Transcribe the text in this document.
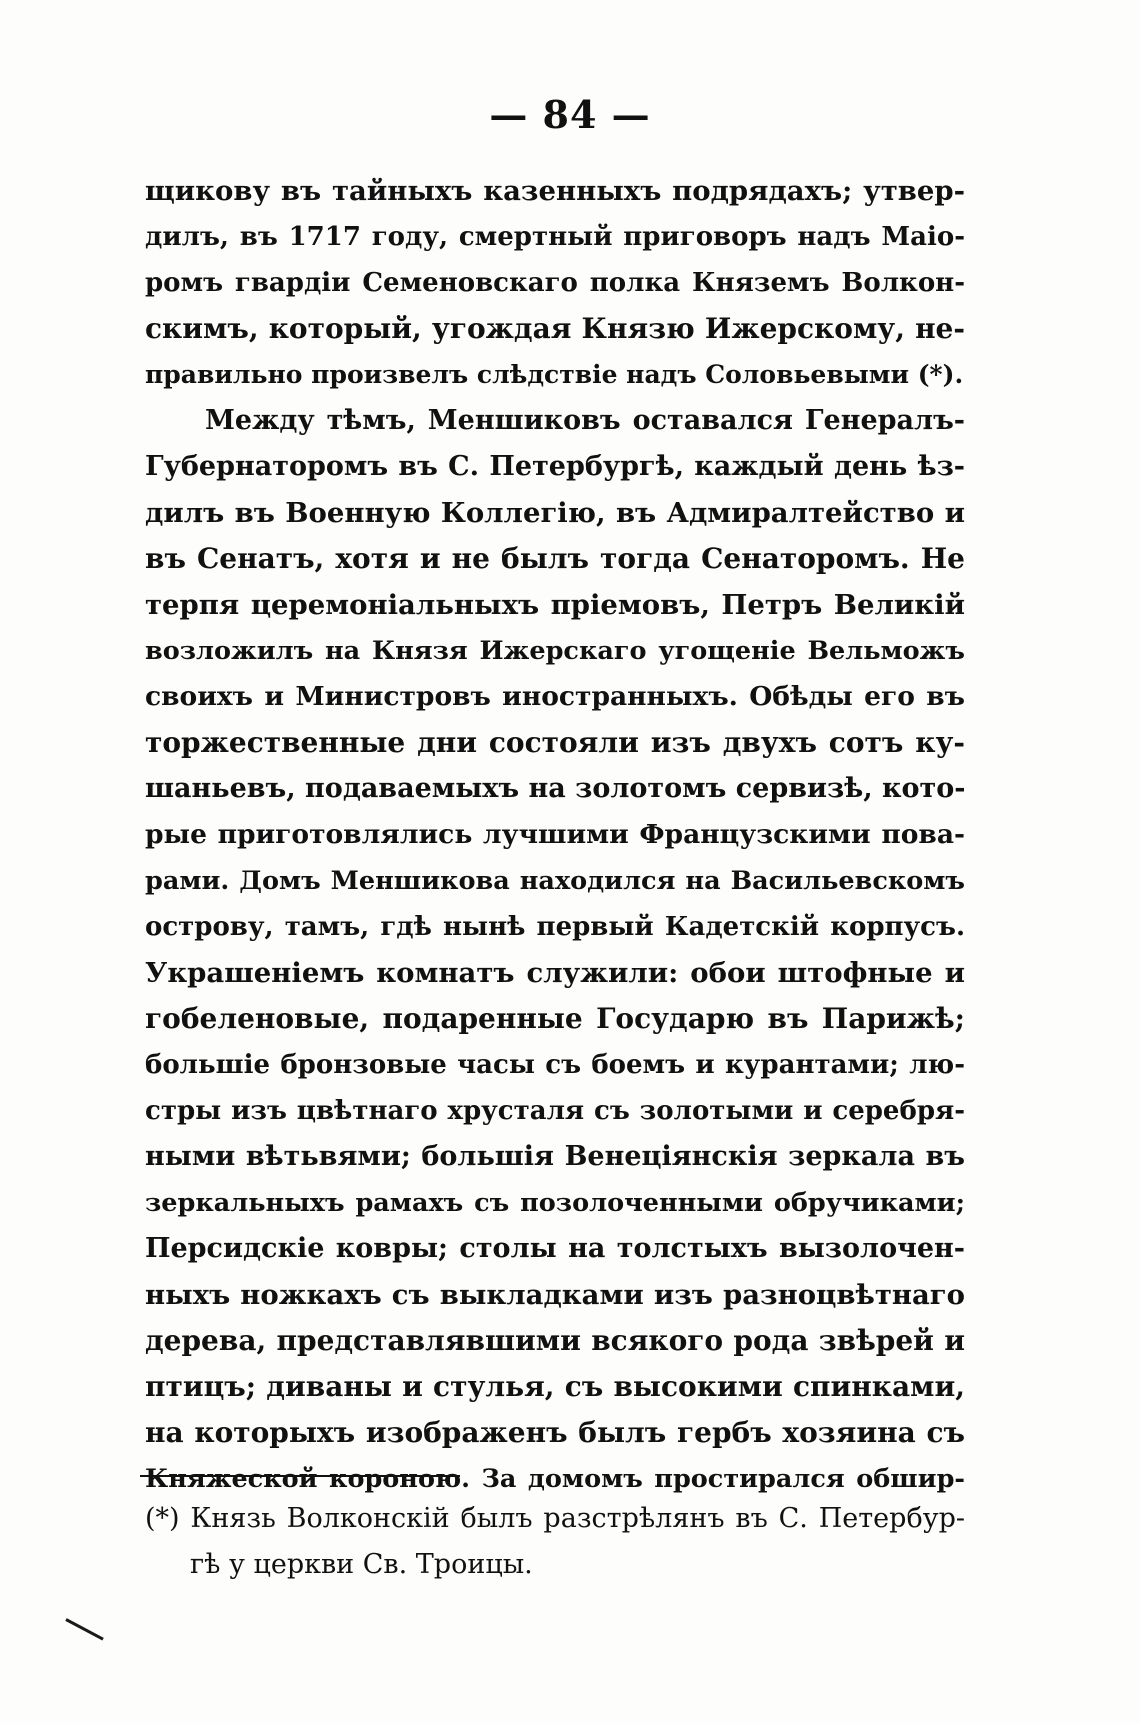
— 84 —
щикову въ тайныхъ казенныхъ подрядахъ; утвер-
дилъ, въ 1717 году, смертный приговоръ надъ Маіо-
ромъ гвардіи Семеновскаго полка Княземъ Волкон-
скимъ, который, угождая Князю Ижерскому, не-
правильно произвелъ слѣдствіе надъ Соловьевыми (*).
Между тѣмъ, Меншиковъ оставался Генералъ-
Губернаторомъ въ С. Петербургѣ, каждый день ѣз-
дилъ въ Военную Коллегію, въ Адмиралтейство и
въ Сенатъ, хотя и не былъ тогда Сенаторомъ. Не
терпя церемоніальныхъ пріемовъ, Петръ Великій
возложилъ на Князя Ижерскаго угощеніе Вельможъ
своихъ и Министровъ иностранныхъ. Обѣды его въ
торжественные дни состояли изъ двухъ сотъ ку-
шаньевъ, подаваемыхъ на золотомъ сервизѣ, кото-
рые приготовлялись лучшими Французскими пова-
рами. Домъ Меншикова находился на Васильевскомъ
острову, тамъ, гдѣ нынѣ первый Кадетскій корпусъ.
Украшеніемъ комнатъ служили: обои штофные и
гобеленовые, подаренные Государю въ Парижѣ;
большіе бронзовые часы съ боемъ и курантами; лю-
стры изъ цвѣтнаго хрусталя съ золотыми и серебря-
ными вѣтьвями; большія Венеціянскія зеркала въ
зеркальныхъ рамахъ съ позолоченными обручиками;
Персидскіе ковры; столы на толстыхъ вызолочен-
ныхъ ножкахъ съ выкладками изъ разноцвѣтнаго
дерева, представлявшими всякого рода звѣрей и
птицъ; диваны и стулья, съ высокими спинками,
на которыхъ изображенъ былъ гербъ хозяина съ
Княжеской короною. За домомъ простирался обшир-
(*) Князь Волконскій былъ разстрѣлянъ въ С. Петербур-
гѣ у церкви Св. Троицы.
